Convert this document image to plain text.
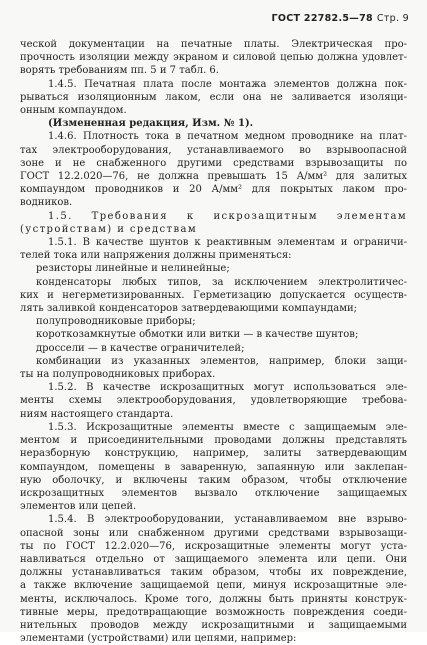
ГОСТ 22782.5—78 Стр. 9
ческой документации на печатные платы. Электрическая про-
прочность изоляции между экраном и силовой цепью должна удовлет-
ворять требованиям пп. 5 и 7 табл. 6.
1.4.5. Печатная плата после монтажа элементов должна пок-
рываться изоляционным лаком, если она не заливается изоляци-
онным компаундом.
(Измененная редакция, Изм. № 1).
1.4.6. Плотность тока в печатном медном проводнике на плат-
тах электрооборудования, устанавливаемого во взрывоопасной
зоне и не снабженного другими средствами взрывозащиты по
ГОСТ 12.2.020—76, не должна превышать 15 А/мм² для залитых
компаундом проводников и 20 А/мм² для покрытых лаком про-
водников.
1.5. Требования к искрозащитным элементам
(устройствам) и средствам
1.5.1. В качестве шунтов к реактивным элементам и ограничи-
телей тока или напряжения должны применяться:
резисторы линейные и нелинейные;
конденсаторы любых типов, за исключением электролитичес-
ких и негерметизированных. Герметизацию допускается осуществ-
лять заливкой конденсаторов затвердевающими компаундами;
полупроводниковые приборы;
короткозамкнутые обмотки или витки — в качестве шунтов;
дроссели — в качестве ограничителей;
комбинации из указанных элементов, например, блоки защи-
ты на полупроводниковых приборах.
1.5.2. В качестве искрозащитных могут использоваться эле-
менты схемы электрооборудования, удовлетворяющие требова-
ниям настоящего стандарта.
1.5.3. Искрозащитные элементы вместе с защищаемым эле-
ментом и присоединительными проводами должны представлять
неразборную конструкцию, например, залиты затвердевающим
компаундом, помещены в заваренную, запаянную или заклепан-
ную оболочку, и включены таким образом, чтобы отключение
искрозащитных элементов вызвало отключение защищаемых
элементов или цепей.
1.5.4. В электрооборудовании, устанавливаемом вне взрыво-
опасной зоны или снабженном другими средствами взрывозащи-
ты по ГОСТ 12.2.020—76, искрозащитные элементы могут уста-
навливаться отдельно от защищаемого элемента или цепи. Они
должны устанавливаться таким образом, чтобы их повреждение,
а также включение защищаемой цепи, минуя искрозащитные эле-
менты, исключалось. Кроме того, должны быть приняты конструк-
тивные меры, предотвращающие возможность повреждения соеди-
нительных проводов между искрозащитными и защищаемыми
элементами (устройствами) или цепями, например:
